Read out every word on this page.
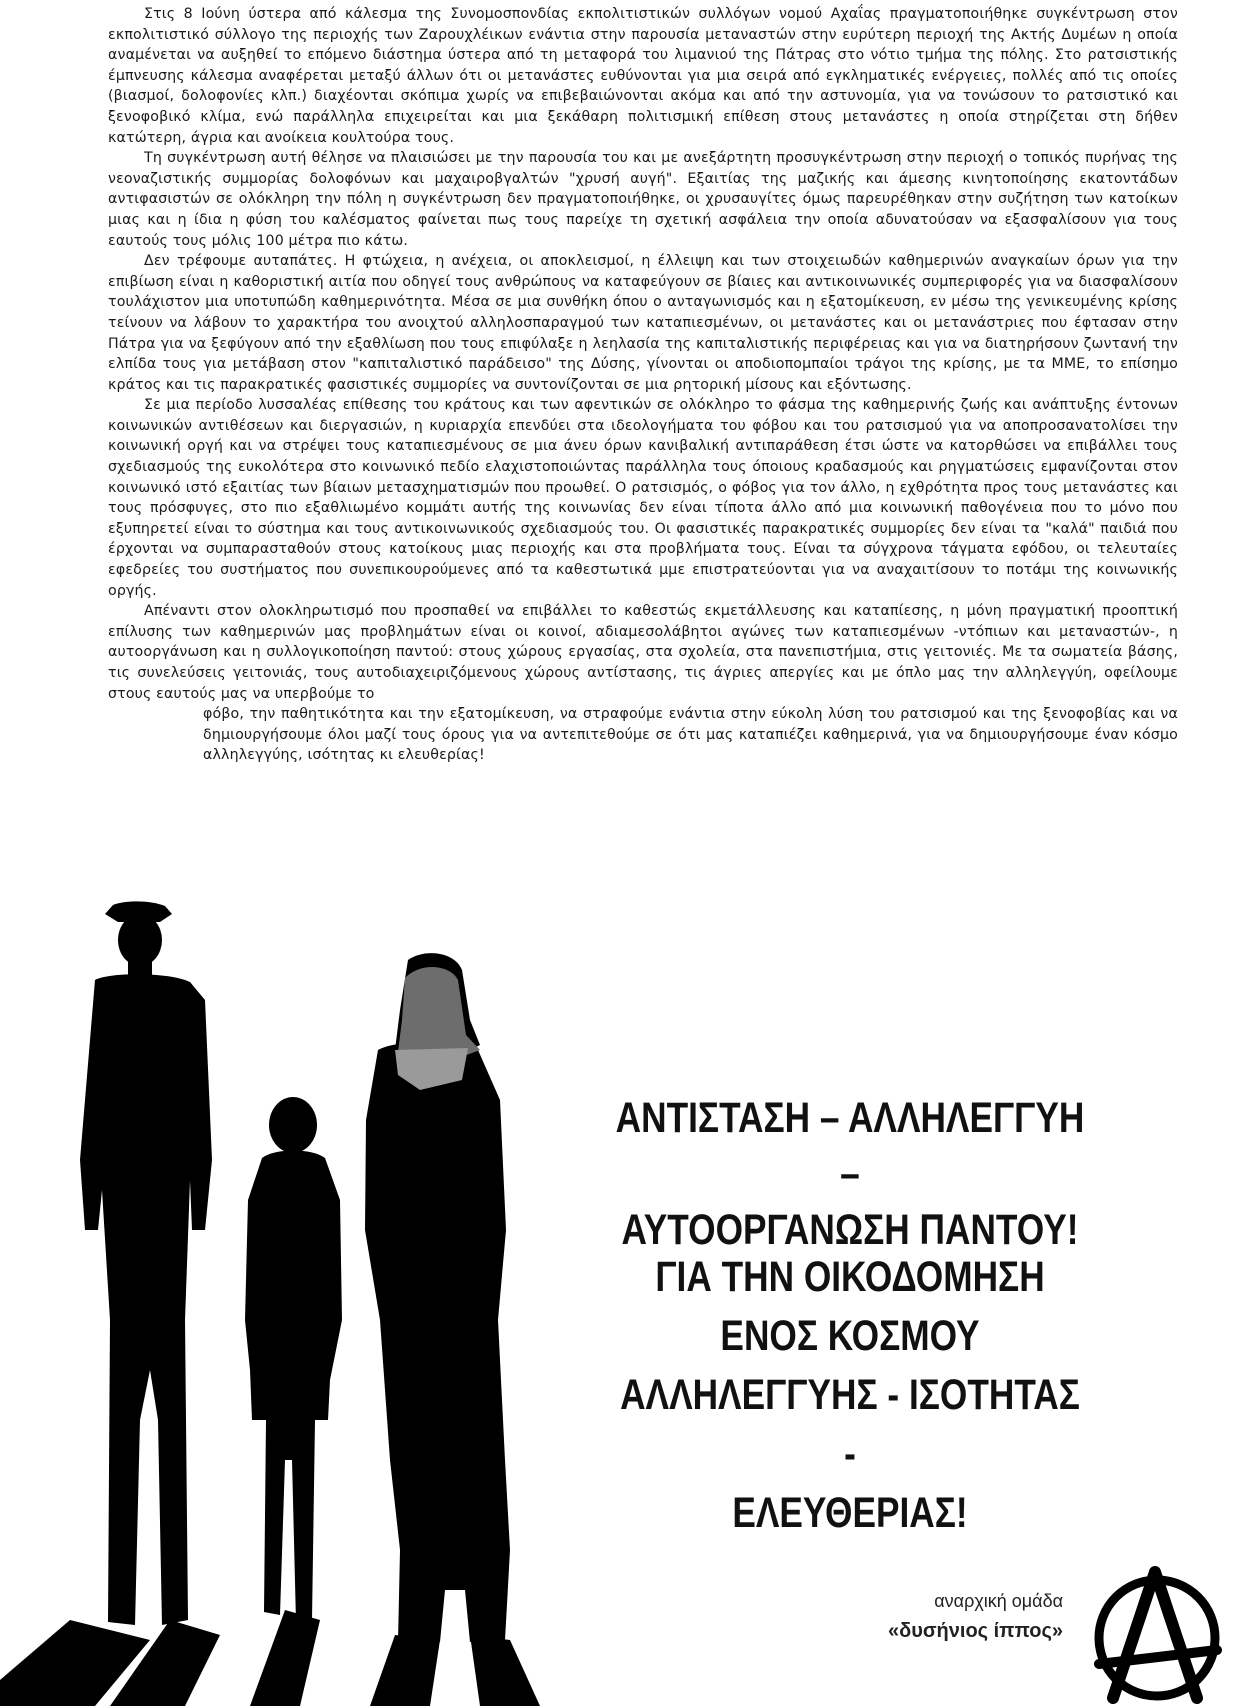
Στις 8 Ιούνη ύστερα από κάλεσμα της Συνομοσπονδίας εκπολιτιστικών συλλόγων νομού Αχαΐας πραγματοποιήθηκε συγκέντρωση στον εκπολιτιστικό σύλλογο της περιοχής των Ζαρουχλέικων ενάντια στην παρουσία μεταναστών στην ευρύτερη περιοχή της Ακτής Δυμέων η οποία αναμένεται να αυξηθεί το επόμενο διάστημα ύστερα από τη μεταφορά του λιμανιού της Πάτρας στο νότιο τμήμα της πόλης. Στο ρατσιστικής έμπνευσης κάλεσμα αναφέρεται μεταξύ άλλων ότι οι μετανάστες ευθύνονται για μια σειρά από εγκληματικές ενέργειες, πολλές από τις οποίες (βιασμοί, δολοφονίες κλπ.) διαχέονται σκόπιμα χωρίς να επιβεβαιώνονται ακόμα και από την αστυνομία, για να τονώσουν το ρατσιστικό και ξενοφοβικό κλίμα, ενώ παράλληλα επιχειρείται και μια ξεκάθαρη πολιτισμική επίθεση στους μετανάστες η οποία στηρίζεται στη δήθεν κατώτερη, άγρια και ανοίκεια κουλτούρα τους.

Τη συγκέντρωση αυτή θέλησε να πλαισιώσει με την παρουσία του και με ανεξάρτητη προσυγκέντρωση στην περιοχή ο τοπικός πυρήνας της νεοναζιστικής συμμορίας δολοφόνων και μαχαιροβγαλτών "χρυσή αυγή". Εξαιτίας της μαζικής και άμεσης κινητοποίησης εκατοντάδων αντιφασιστών σε ολόκληρη την πόλη η συγκέντρωση δεν πραγματοποιήθηκε, οι χρυσαυγίτες όμως παρευρέθηκαν στην συζήτηση των κατοίκων μιας και η ίδια η φύση του καλέσματος φαίνεται πως τους παρείχε τη σχετική ασφάλεια την οποία αδυνατούσαν να εξασφαλίσουν για τους εαυτούς τους μόλις 100 μέτρα πιο κάτω.

Δεν τρέφουμε αυταπάτες. Η φτώχεια, η ανέχεια, οι αποκλεισμοί, η έλλειψη και των στοιχειωδών καθημερινών αναγκαίων όρων για την επιβίωση είναι η καθοριστική αιτία που οδηγεί τους ανθρώπους να καταφεύγουν σε βίαιες και αντικοινωνικές συμπεριφορές για να διασφαλίσουν τουλάχιστον μια υποτυπώδη καθημερινότητα. Μέσα σε μια συνθήκη όπου ο ανταγωνισμός και η εξατομίκευση, εν μέσω της γενικευμένης κρίσης τείνουν να λάβουν το χαρακτήρα του ανοιχτού αλληλοσπαραγμού των καταπιεσμένων, οι μετανάστες και οι μετανάστριες που έφτασαν στην Πάτρα για να ξεφύγουν από την εξαθλίωση που τους επιφύλαξε η λεηλασία της καπιταλιστικής περιφέρειας και για να διατηρήσουν ζωντανή την ελπίδα τους για μετάβαση στον "καπιταλιστικό παράδεισο" της Δύσης, γίνονται οι αποδιοπομπαίοι τράγοι της κρίσης, με τα ΜΜΕ, το επίσημο κράτος και τις παρακρατικές φασιστικές συμμορίες να συντονίζονται σε μια ρητορική μίσους και εξόντωσης.

Σε μια περίοδο λυσσαλέας επίθεσης του κράτους και των αφεντικών σε ολόκληρο το φάσμα της καθημερινής ζωής και ανάπτυξης έντονων κοινωνικών αντιθέσεων και διεργασιών, η κυριαρχία επενδύει στα ιδεολογήματα του φόβου και του ρατσισμού για να αποπροσανατολίσει την κοινωνική οργή και να στρέψει τους καταπιεσμένους σε μια άνευ όρων κανιβαλική αντιπαράθεση έτσι ώστε να κατορθώσει να επιβάλλει τους σχεδιασμούς της ευκολότερα στο κοινωνικό πεδίο ελαχιστοποιώντας παράλληλα τους όποιους κραδασμούς και ρηγματώσεις εμφανίζονται στον κοινωνικό ιστό εξαιτίας των βίαιων μετασχηματισμών που προωθεί. Ο ρατσισμός, ο φόβος για τον άλλο, η εχθρότητα προς τους μετανάστες και τους πρόσφυγες, στο πιο εξαθλιωμένο κομμάτι αυτής της κοινωνίας δεν είναι τίποτα άλλο από μια κοινωνική παθογένεια που το μόνο που εξυπηρετεί είναι το σύστημα και τους αντικοινωνικούς σχεδιασμούς του. Οι φασιστικές παρακρατικές συμμορίες δεν είναι τα "καλά" παιδιά που έρχονται να συμπαρασταθούν στους κατοίκους μιας περιοχής και στα προβλήματα τους. Είναι τα σύγχρονα τάγματα εφόδου, οι τελευταίες εφεδρείες του συστήματος που συνεπικουρούμενες από τα καθεστωτικά μμε επιστρατεύονται για να αναχαιτίσουν το ποτάμι της κοινωνικής οργής.

Απέναντι στον ολοκληρωτισμό που προσπαθεί να επιβάλλει το καθεστώς εκμετάλλευσης και καταπίεσης, η μόνη πραγματική προοπτική επίλυσης των καθημερινών μας προβλημάτων είναι οι κοινοί, αδιαμεσολάβητοι αγώνες των καταπιεσμένων -ντόπιων και μεταναστών-, η αυτοοργάνωση και η συλλογικοποίηση παντού: στους χώρους εργασίας, στα σχολεία, στα πανεπιστήμια, στις γειτονιές. Με τα σωματεία βάσης, τις συνελεύσεις γειτονιάς, τους αυτοδιαχειριζόμενους χώρους αντίστασης, τις άγριες απεργίες και με όπλο μας την αλληλεγγύη, οφείλουμε στους εαυτούς μας να υπερβούμε το

φόβο, την παθητικότητα και την εξατομίκευση, να στραφούμε ενάντια στην εύκολη λύση του ρατσισμού και της ξενοφοβίας και να δημιουργήσουμε όλοι μαζί τους όρους για να αντεπιτεθούμε σε ότι μας καταπιέζει καθημερινά, για να δημιουργήσουμε έναν κόσμο αλληλεγγύης, ισότητας κι ελευθερίας!

ΑΝΤΙΣΤΑΣΗ – ΑΛΛΗΛΕΓΓΥΗ –
ΑΥΤΟΟΡΓΑΝΩΣΗ ΠΑΝΤΟΥ!
ΓΙΑ ΤΗΝ ΟΙΚΟΔΟΜΗΣΗ
ΕΝΟΣ ΚΟΣΜΟΥ
ΑΛΛΗΛΕΓΓΥΗΣ - ΙΣΟΤΗΤΑΣ -
ΕΛΕΥΘΕΡΙΑΣ!
αναρχική ομάδα
«δυσήνιος ίππος»
